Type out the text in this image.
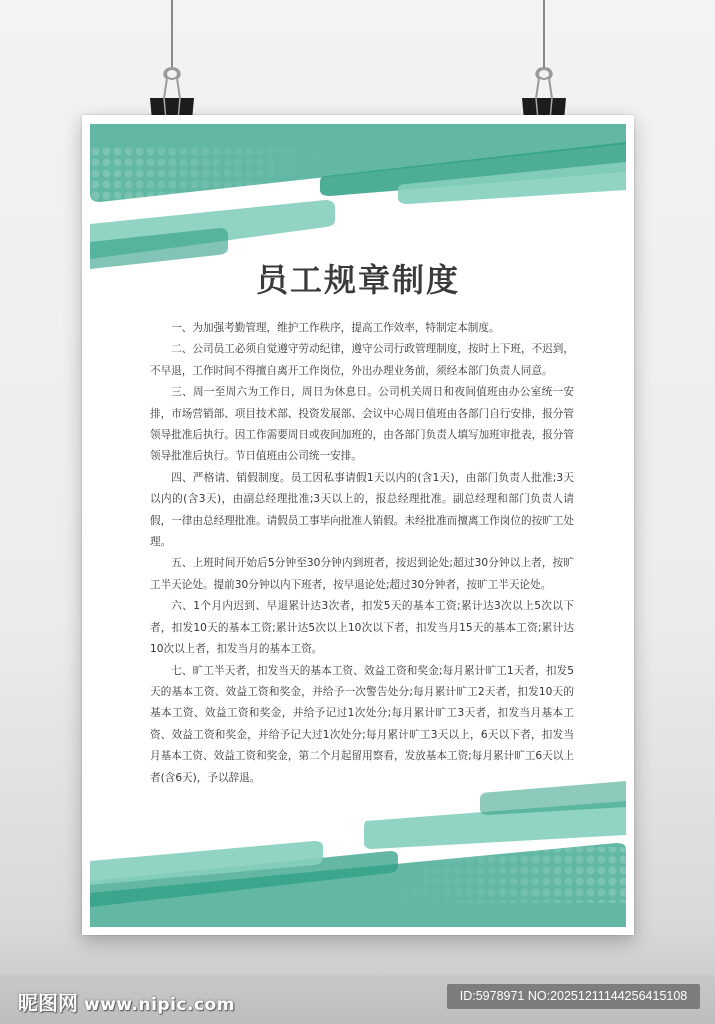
员工规章制度

一、为加强考勤管理，维护工作秩序，提高工作效率，特制定本制度。

二、公司员工必须自觉遵守劳动纪律，遵守公司行政管理制度，按时上下班，不迟到，不早退，工作时间不得擅自离开工作岗位，外出办理业务前，须经本部门负责人同意。

三、周一至周六为工作日，周日为休息日。公司机关周日和夜间值班由办公室统一安排，市场营销部、项目技术部、投资发展部、会议中心周日值班由各部门自行安排，报分管领导批准后执行。因工作需要周日或夜间加班的，由各部门负责人填写加班审批表，报分管领导批准后执行。节日值班由公司统一安排。

四、严格请、销假制度。员工因私事请假1天以内的(含1天)，由部门负责人批准;3天以内的(含3天)，由副总经理批准;3天以上的，报总经理批准。副总经理和部门负责人请假，一律由总经理批准。请假员工事毕向批准人销假。未经批准而擅离工作岗位的按旷工处理。

五、上班时间开始后5分钟至30分钟内到班者，按迟到论处;超过30分钟以上者，按旷工半天论处。提前30分钟以内下班者，按早退论处;超过30分钟者，按旷工半天论处。

六、1个月内迟到、早退累计达3次者，扣发5天的基本工资;累计达3次以上5次以下者，扣发10天的基本工资;累计达5次以上10次以下者，扣发当月15天的基本工资;累计达10次以上者，扣发当月的基本工资。

七、旷工半天者，扣发当天的基本工资、效益工资和奖金;每月累计旷工1天者，扣发5天的基本工资、效益工资和奖金，并给予一次警告处分;每月累计旷工2天者，扣发10天的基本工资、效益工资和奖金，并给予记过1次处分;每月累计旷工3天者，扣发当月基本工资、效益工资和奖金，并给予记大过1次处分;每月累计旷工3天以上，6天以下者，扣发当月基本工资、效益工资和奖金，第二个月起留用察看，发放基本工资;每月累计旷工6天以上者(含6天)，予以辞退。

昵图网 www.nipic.com	ID:5978971 NO:20251211144256415108
